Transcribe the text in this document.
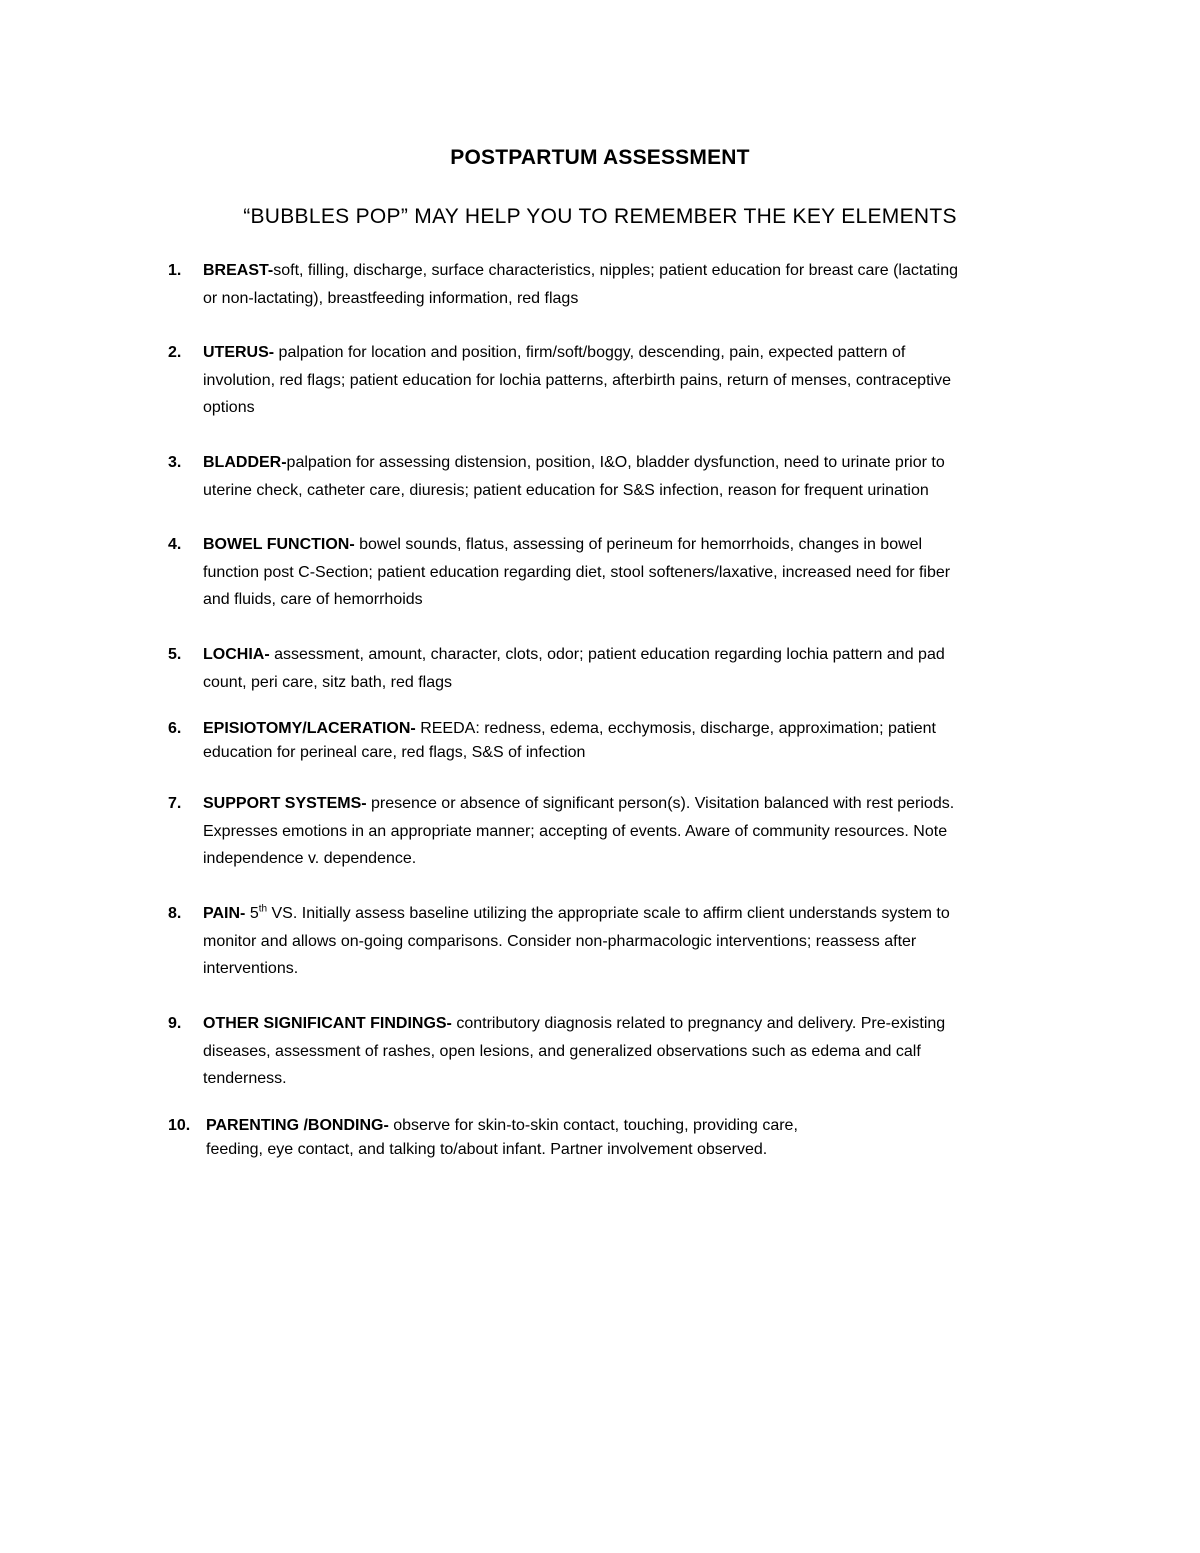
POSTPARTUM ASSESSMENT
“BUBBLES POP” MAY HELP YOU TO REMEMBER THE KEY ELEMENTS
1. BREAST-soft, filling, discharge, surface characteristics, nipples; patient education for breast care (lactating
or non-lactating), breastfeeding information, red flags
2. UTERUS- palpation for location and position, firm/soft/boggy, descending, pain, expected pattern of
involution, red flags; patient education for lochia patterns, afterbirth pains, return of menses, contraceptive
options
3. BLADDER-palpation for assessing distension, position, I&O, bladder dysfunction, need to urinate prior to
uterine check, catheter care, diuresis; patient education for S&S infection, reason for frequent urination
4. BOWEL FUNCTION- bowel sounds, flatus, assessing of perineum for hemorrhoids, changes in bowel
function post C-Section; patient education regarding diet, stool softeners/laxative, increased need for fiber
and fluids, care of hemorrhoids
5. LOCHIA- assessment, amount, character, clots, odor; patient education regarding lochia pattern and pad
count, peri care, sitz bath, red flags
6. EPISIOTOMY/LACERATION- REEDA: redness, edema, ecchymosis, discharge, approximation; patient
education for perineal care, red flags, S&S of infection
7. SUPPORT SYSTEMS- presence or absence of significant person(s). Visitation balanced with rest periods.
Expresses emotions in an appropriate manner; accepting of events. Aware of community resources. Note
independence v. dependence.
8. PAIN- 5th VS. Initially assess baseline utilizing the appropriate scale to affirm client understands system to
monitor and allows on-going comparisons. Consider non-pharmacologic interventions; reassess after
interventions.
9. OTHER SIGNIFICANT FINDINGS- contributory diagnosis related to pregnancy and delivery. Pre-existing
diseases, assessment of rashes, open lesions, and generalized observations such as edema and calf
tenderness.
10. PARENTING /BONDING- observe for skin-to-skin contact, touching, providing care,
feeding, eye contact, and talking to/about infant. Partner involvement observed.
